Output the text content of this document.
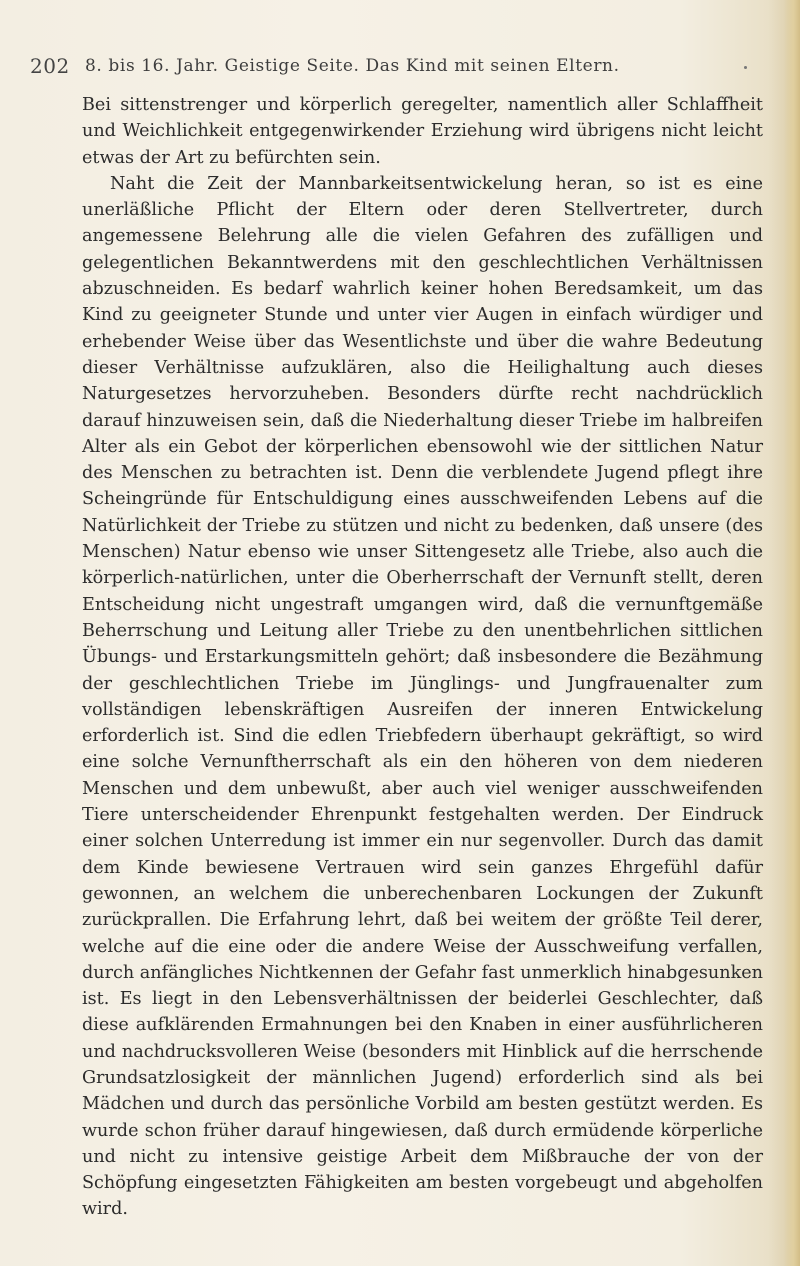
202 8. bis 16. Jahr. Geistige Seite. Das Kind mit seinen Eltern.

Bei sittenstrenger und körperlich geregelter, namentlich aller Schlaffheit und Weichlichkeit entgegenwirkender Erziehung wird übrigens nicht leicht etwas der Art zu befürchten sein.

Naht die Zeit der Mannbarkeitsentwickelung heran, so ist es eine unerläßliche Pflicht der Eltern oder deren Stellvertreter, durch angemessene Belehrung alle die vielen Gefahren des zufälligen und gelegentlichen Bekanntwerdens mit den geschlechtlichen Verhältnissen abzuschneiden. Es bedarf wahrlich keiner hohen Beredsamkeit, um das Kind zu geeigneter Stunde und unter vier Augen in einfach würdiger und erhebender Weise über das Wesentlichste und über die wahre Bedeutung dieser Verhältnisse aufzuklären, also die Heilighaltung auch dieses Naturgesetzes hervorzuheben. Besonders dürfte recht nachdrücklich darauf hinzuweisen sein, daß die Niederhaltung dieser Triebe im halbreifen Alter als ein Gebot der körperlichen ebensowohl wie der sittlichen Natur des Menschen zu betrachten ist. Denn die verblendete Jugend pflegt ihre Scheingründe für Entschuldigung eines ausschweifenden Lebens auf die Natürlichkeit der Triebe zu stützen und nicht zu bedenken, daß unsere (des Menschen) Natur ebenso wie unser Sittengesetz alle Triebe, also auch die körperlich-natürlichen, unter die Oberherrschaft der Vernunft stellt, deren Entscheidung nicht ungestraft umgangen wird, daß die vernunftgemäße Beherrschung und Leitung aller Triebe zu den unentbehrlichen sittlichen Übungs- und Erstarkungsmitteln gehört; daß insbesondere die Bezähmung der geschlechtlichen Triebe im Jünglings- und Jungfrauenalter zum vollständigen lebenskräftigen Ausreifen der inneren Entwickelung erforderlich ist. Sind die edlen Triebfedern überhaupt gekräftigt, so wird eine solche Vernunftherrschaft als ein den höheren von dem niederen Menschen und dem unbewußt, aber auch viel weniger ausschweifenden Tiere unterscheidender Ehrenpunkt festgehalten werden. Der Eindruck einer solchen Unterredung ist immer ein nur segenvoller. Durch das damit dem Kinde bewiesene Vertrauen wird sein ganzes Ehrgefühl dafür gewonnen, an welchem die unberechenbaren Lockungen der Zukunft zurückprallen. Die Erfahrung lehrt, daß bei weitem der größte Teil derer, welche auf die eine oder die andere Weise der Ausschweifung verfallen, durch anfängliches Nichtkennen der Gefahr fast unmerklich hinabgesunken ist. Es liegt in den Lebensverhältnissen der beiderlei Geschlechter, daß diese aufklärenden Ermahnungen bei den Knaben in einer ausführlicheren und nachdrucksvolleren Weise (besonders mit Hinblick auf die herrschende Grundsatzlosigkeit der männlichen Jugend) erforderlich sind als bei Mädchen und durch das persönliche Vorbild am besten gestützt werden. Es wurde schon früher darauf hingewiesen, daß durch ermüdende körperliche und nicht zu intensive geistige Arbeit dem Mißbrauche der von der Schöpfung eingesetzten Fähigkeiten am besten vorgebeugt und abgeholfen wird.
